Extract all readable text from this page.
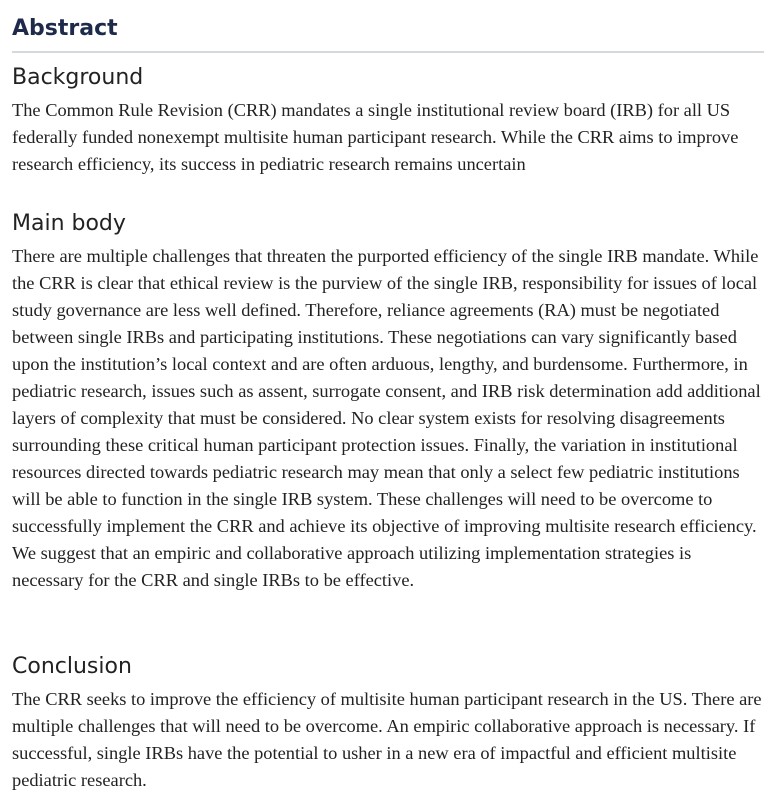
Abstract
Background

The Common Rule Revision (CRR) mandates a single institutional review board (IRB) for all US federally funded nonexempt multisite human participant research. While the CRR aims to improve research efficiency, its success in pediatric research remains uncertain

Main body

There are multiple challenges that threaten the purported efficiency of the single IRB mandate. While the CRR is clear that ethical review is the purview of the single IRB, responsibility for issues of local study governance are less well defined. Therefore, reliance agreements (RA) must be negotiated between single IRBs and participating institutions. These negotiations can vary significantly based upon the institution’s local context and are often arduous, lengthy, and burdensome. Furthermore, in pediatric research, issues such as assent, surrogate consent, and IRB risk determination add additional layers of complexity that must be considered. No clear system exists for resolving disagreements surrounding these critical human participant protection issues. Finally, the variation in institutional resources directed towards pediatric research may mean that only a select few pediatric institutions will be able to function in the single IRB system. These challenges will need to be overcome to successfully implement the CRR and achieve its objective of improving multisite research efficiency. We suggest that an empiric and collaborative approach utilizing implementation strategies is necessary for the CRR and single IRBs to be effective.

Conclusion

The CRR seeks to improve the efficiency of multisite human participant research in the US. There are multiple challenges that will need to be overcome. An empiric collaborative approach is necessary. If successful, single IRBs have the potential to usher in a new era of impactful and efficient multisite pediatric research.
